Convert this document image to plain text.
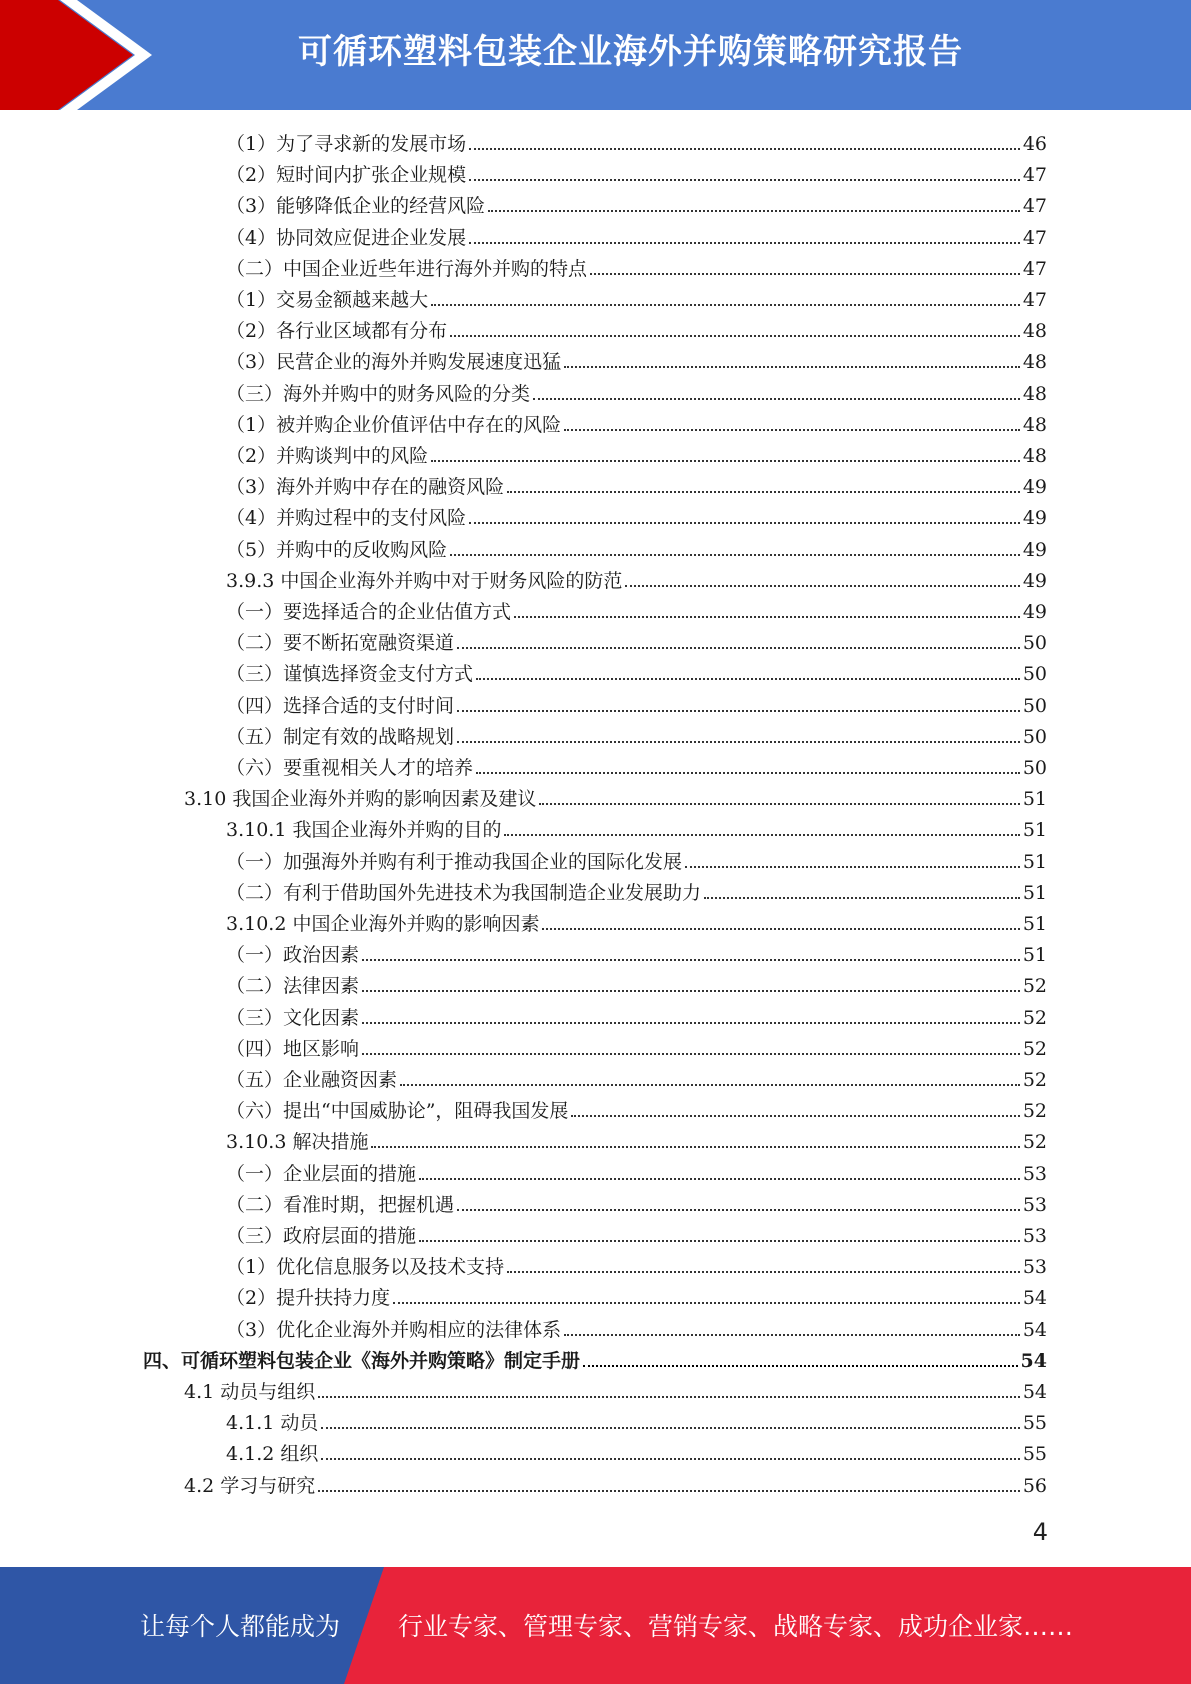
可循环塑料包装企业海外并购策略研究报告
（1）为了寻求新的发展市场	46
（2）短时间内扩张企业规模	47
（3）能够降低企业的经营风险	47
（4）协同效应促进企业发展	47
（二）中国企业近些年进行海外并购的特点	47
（1）交易金额越来越大	47
（2）各行业区域都有分布	48
（3）民营企业的海外并购发展速度迅猛	48
（三）海外并购中的财务风险的分类	48
（1）被并购企业价值评估中存在的风险	48
（2）并购谈判中的风险	48
（3）海外并购中存在的融资风险	49
（4）并购过程中的支付风险	49
（5）并购中的反收购风险	49
3.9.3 中国企业海外并购中对于财务风险的防范	49
（一）要选择适合的企业估值方式	49
（二）要不断拓宽融资渠道	50
（三）谨慎选择资金支付方式	50
（四）选择合适的支付时间	50
（五）制定有效的战略规划	50
（六）要重视相关人才的培养	50
3.10 我国企业海外并购的影响因素及建议	51
3.10.1 我国企业海外并购的目的	51
（一）加强海外并购有利于推动我国企业的国际化发展	51
（二）有利于借助国外先进技术为我国制造企业发展助力	51
3.10.2 中国企业海外并购的影响因素	51
（一）政治因素	51
（二）法律因素	52
（三）文化因素	52
（四）地区影响	52
（五）企业融资因素	52
（六）提出“中国威胁论”，阻碍我国发展	52
3.10.3 解决措施	52
（一）企业层面的措施	53
（二）看准时期，把握机遇	53
（三）政府层面的措施	53
（1）优化信息服务以及技术支持	53
（2）提升扶持力度	54
（3）优化企业海外并购相应的法律体系	54
四、可循环塑料包装企业《海外并购策略》制定手册	54
4.1 动员与组织	54
4.1.1 动员	55
4.1.2 组织	55
4.2 学习与研究	56
4
让每个人都能成为 行业专家、管理专家、营销专家、战略专家、成功企业家……
